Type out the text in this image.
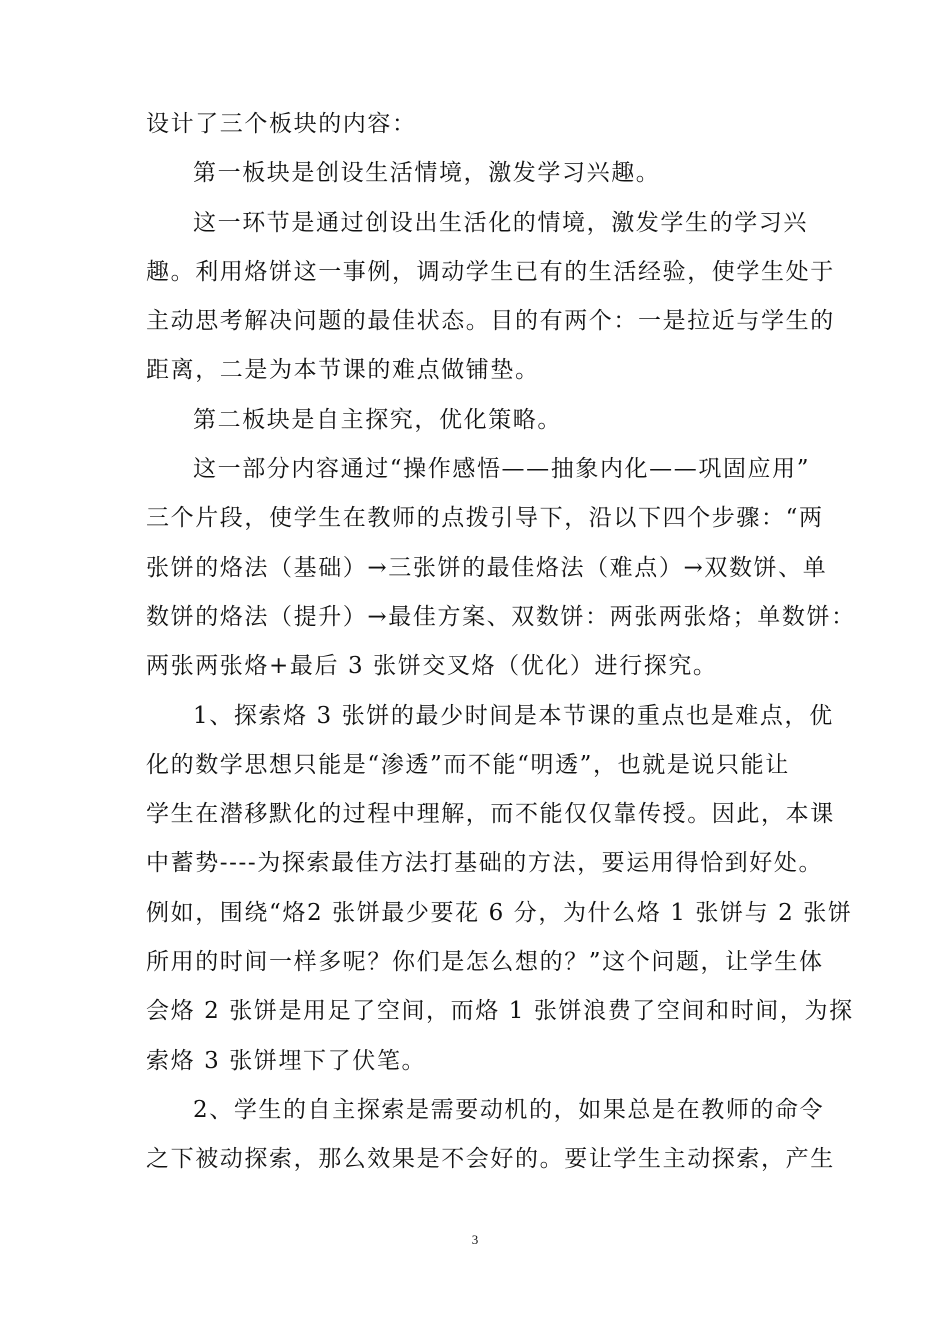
设计了三个板块的内容：
第一板块是创设生活情境，激发学习兴趣。
这一环节是通过创设出生活化的情境，激发学生的学习兴
趣。利用烙饼这一事例，调动学生已有的生活经验，使学生处于
主动思考解决问题的最佳状态。目的有两个：一是拉近与学生的
距离，二是为本节课的难点做铺垫。
第二板块是自主探究，优化策略。
这一部分内容通过“操作感悟——抽象内化——巩固应用”
三个片段，使学生在教师的点拨引导下，沿以下四个步骤：“两
张饼的烙法（基础）→三张饼的最佳烙法（难点）→双数饼、单
数饼的烙法（提升）→最佳方案、双数饼：两张两张烙；单数饼：
两张两张烙+最后 3 张饼交叉烙（优化）进行探究。
1、探索烙 3 张饼的最少时间是本节课的重点也是难点，优
化的数学思想只能是“渗透”而不能“明透”，也就是说只能让
学生在潜移默化的过程中理解，而不能仅仅靠传授。因此，本课
中蓄势----为探索最佳方法打基础的方法，要运用得恰到好处。
例如，围绕“烙2 张饼最少要花 6 分，为什么烙 1 张饼与 2 张饼
所用的时间一样多呢？你们是怎么想的？”这个问题，让学生体
会烙 2 张饼是用足了空间，而烙 1 张饼浪费了空间和时间，为探
索烙 3 张饼埋下了伏笔。
2、学生的自主探索是需要动机的，如果总是在教师的命令
之下被动探索，那么效果是不会好的。要让学生主动探索，产生
3
